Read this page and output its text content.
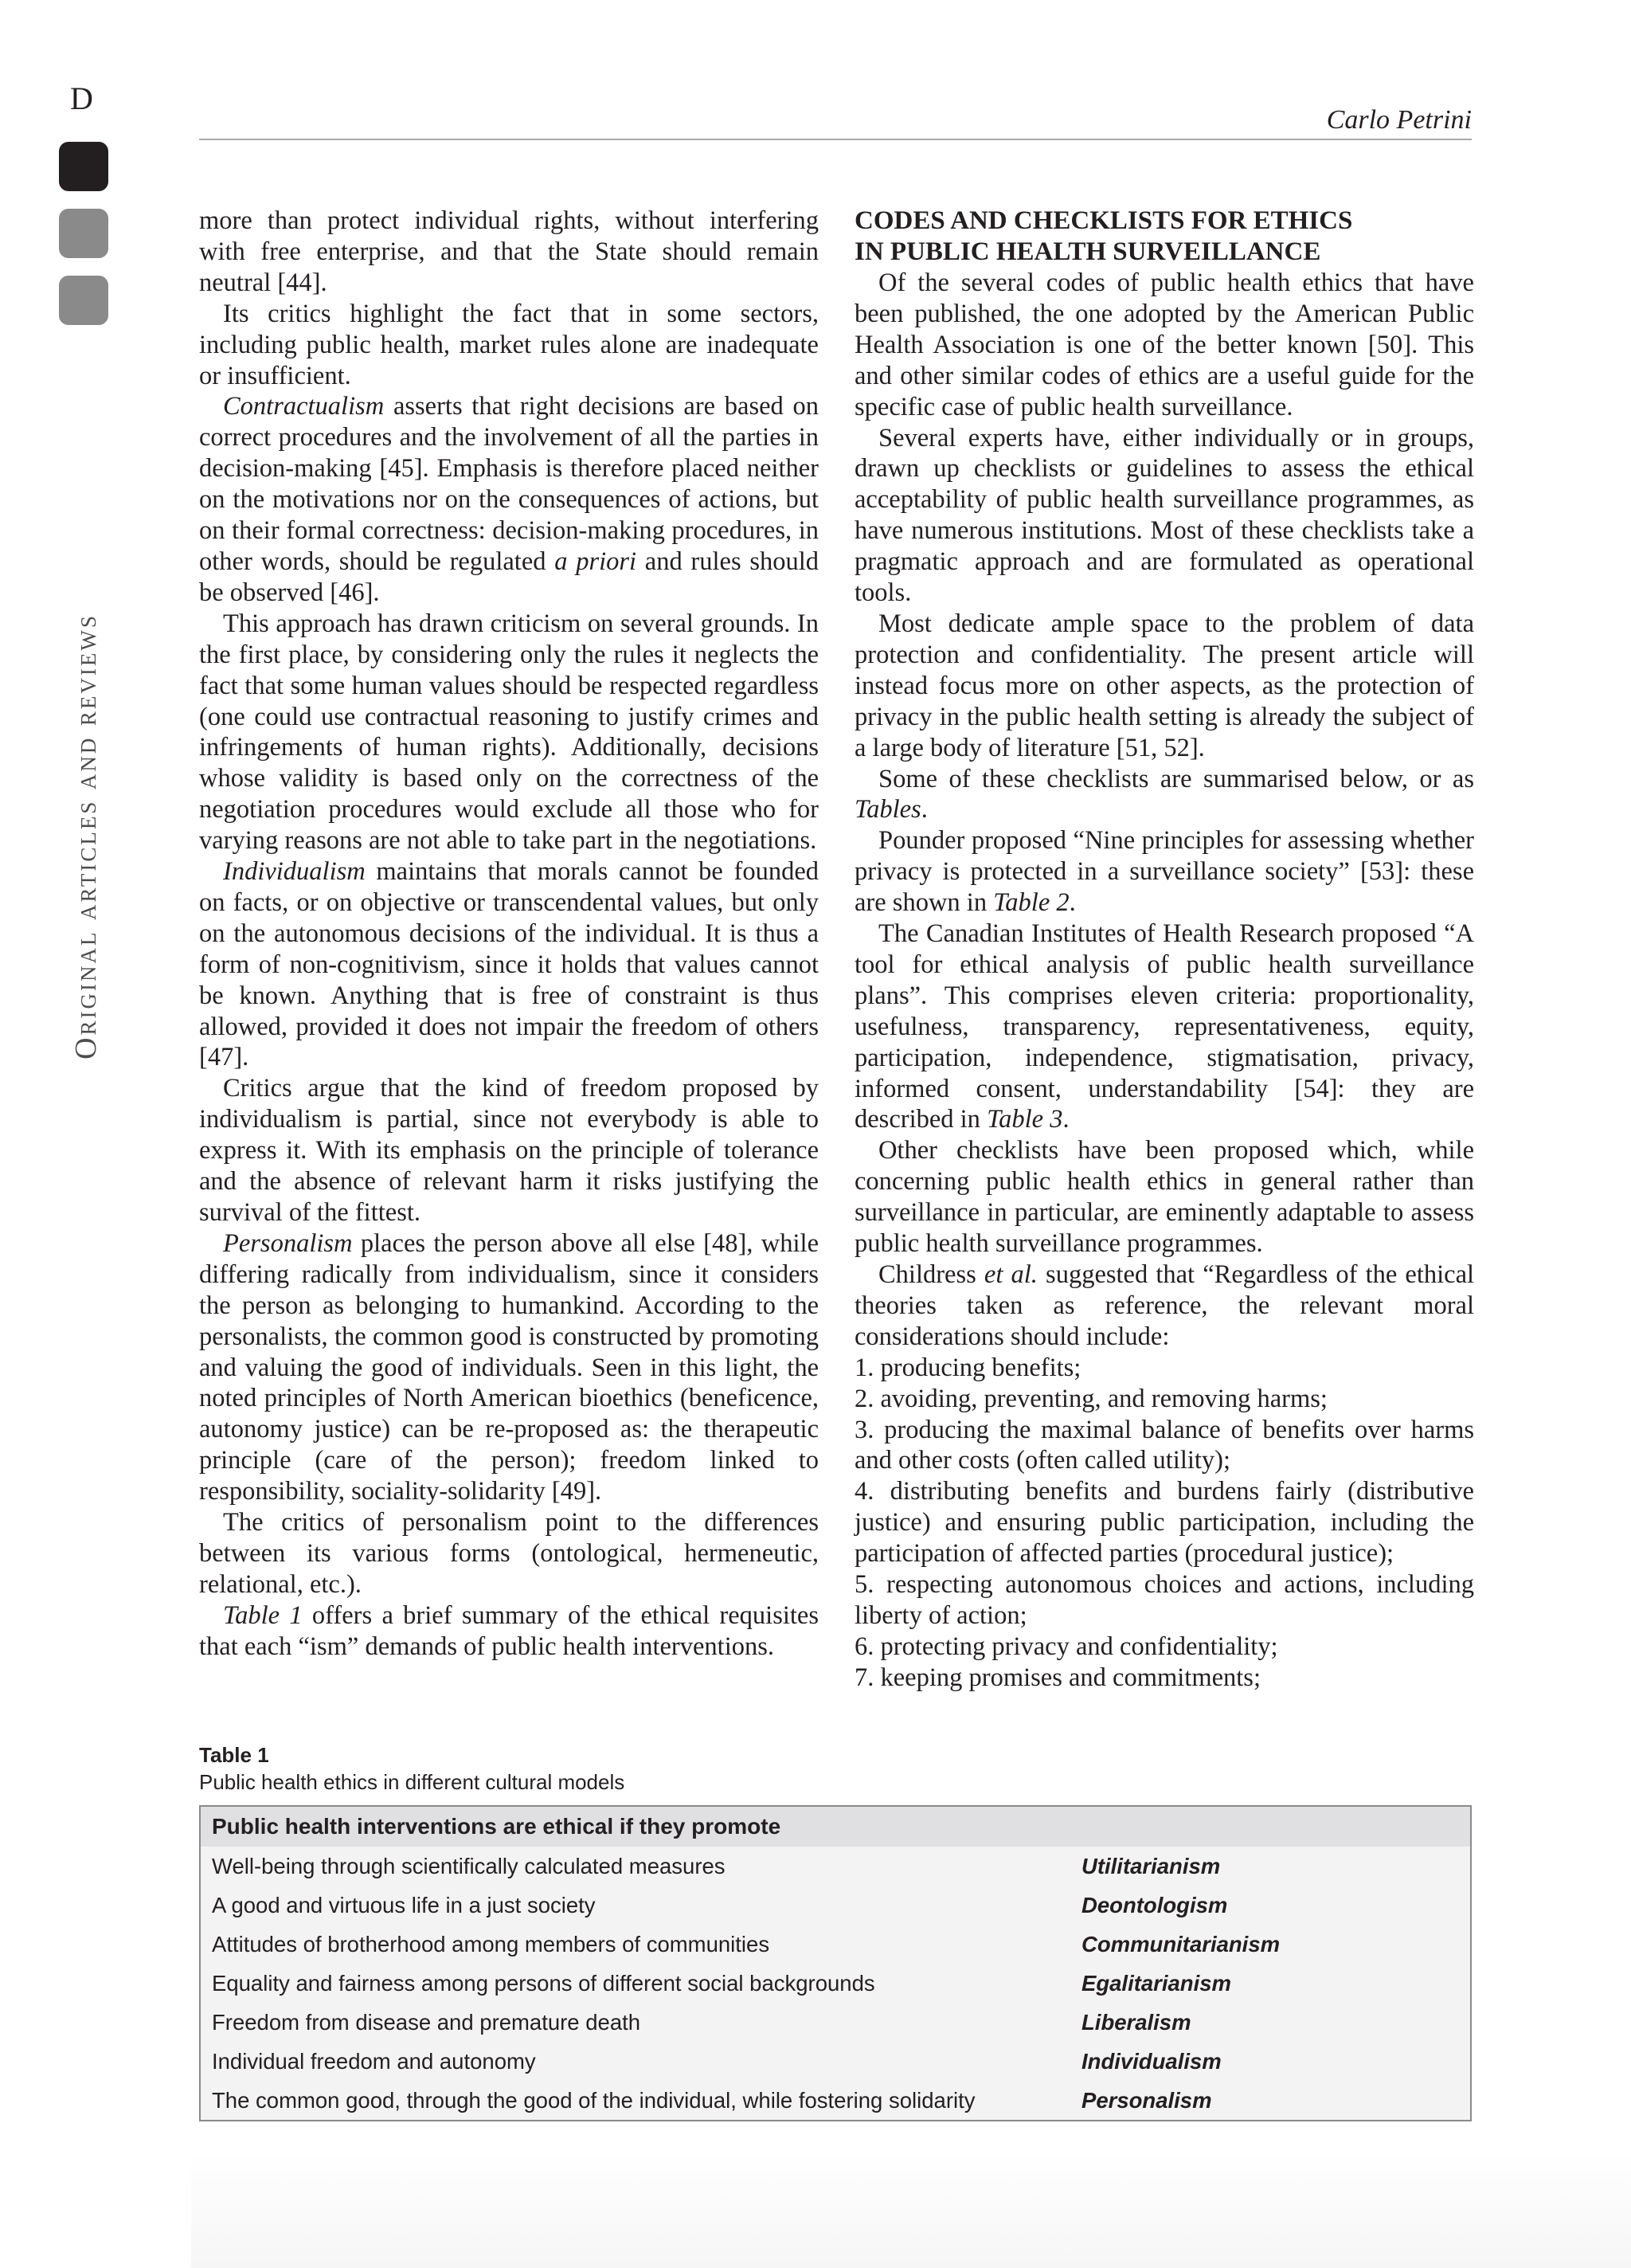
D
Original articles and reviews
Carlo Petrini

more than protect individual rights, without interfering with free enterprise, and that the State should remain neutral [44].

Its critics highlight the fact that in some sectors, including public health, market rules alone are inadequate or insufficient.

Contractualism asserts that right decisions are based on correct procedures and the involvement of all the parties in decision-making [45]. Emphasis is therefore placed neither on the motivations nor on the consequences of actions, but on their formal correctness: decision-making procedures, in other words, should be regulated a priori and rules should be observed [46].

This approach has drawn criticism on several grounds. In the first place, by considering only the rules it neglects the fact that some human values should be respected regardless (one could use contractual reasoning to justify crimes and infringements of human rights). Additionally, decisions whose validity is based only on the correctness of the negotiation procedures would exclude all those who for varying reasons are not able to take part in the negotiations.

Individualism maintains that morals cannot be founded on facts, or on objective or transcendental values, but only on the autonomous decisions of the individual. It is thus a form of non-cognitivism, since it holds that values cannot be known. Anything that is free of constraint is thus allowed, provided it does not impair the freedom of others [47].

Critics argue that the kind of freedom proposed by individualism is partial, since not everybody is able to express it. With its emphasis on the principle of tolerance and the absence of relevant harm it risks justifying the survival of the fittest.

Personalism places the person above all else [48], while differing radically from individualism, since it considers the person as belonging to humankind. According to the personalists, the common good is constructed by promoting and valuing the good of individuals. Seen in this light, the noted principles of North American bioethics (beneficence, autonomy justice) can be re-proposed as: the therapeutic principle (care of the person); freedom linked to responsibility, sociality-solidarity [49].

The critics of personalism point to the differences between its various forms (ontological, hermeneutic, relational, etc.).

Table 1 offers a brief summary of the ethical requisites that each “ism” demands of public health interventions.

CODES AND CHECKLISTS FOR ETHICS
IN PUBLIC HEALTH SURVEILLANCE

Of the several codes of public health ethics that have been published, the one adopted by the American Public Health Association is one of the better known [50]. This and other similar codes of ethics are a useful guide for the specific case of public health surveillance.

Several experts have, either individually or in groups, drawn up checklists or guidelines to assess the ethical acceptability of public health surveillance programmes, as have numerous institutions. Most of these checklists take a pragmatic approach and are formulated as operational tools.

Most dedicate ample space to the problem of data protection and confidentiality. The present article will instead focus more on other aspects, as the protection of privacy in the public health setting is already the subject of a large body of literature [51, 52].

Some of these checklists are summarised below, or as Tables.

Pounder proposed “Nine principles for assessing whether privacy is protected in a surveillance society” [53]: these are shown in Table 2.

The Canadian Institutes of Health Research proposed “A tool for ethical analysis of public health surveillance plans”. This comprises eleven criteria: proportionality, usefulness, transparency, representativeness, equity, participation, independence, stigmatisation, privacy, informed consent, understandability [54]: they are described in Table 3.

Other checklists have been proposed which, while concerning public health ethics in general rather than surveillance in particular, are eminently adaptable to assess public health surveillance programmes.

Childress et al. suggested that “Regardless of the ethical theories taken as reference, the relevant moral considerations should include:

1. producing benefits;

2. avoiding, preventing, and removing harms;

3. producing the maximal balance of benefits over harms and other costs (often called utility);

4. distributing benefits and burdens fairly (distributive justice) and ensuring public participation, including the participation of affected parties (procedural justice);

5. respecting autonomous choices and actions, including liberty of action;

6. protecting privacy and confidentiality;

7. keeping promises and commitments;

Table 1
Public health ethics in different cultural models
Public health interventions are ethical if they promote
Well-being through scientifically calculated measures	Utilitarianism
A good and virtuous life in a just society	Deontologism
Attitudes of brotherhood among members of communities	Communitarianism
Equality and fairness among persons of different social backgrounds	Egalitarianism
Freedom from disease and premature death	Liberalism
Individual freedom and autonomy	Individualism
The common good, through the good of the individual, while fostering solidarity	Personalism
